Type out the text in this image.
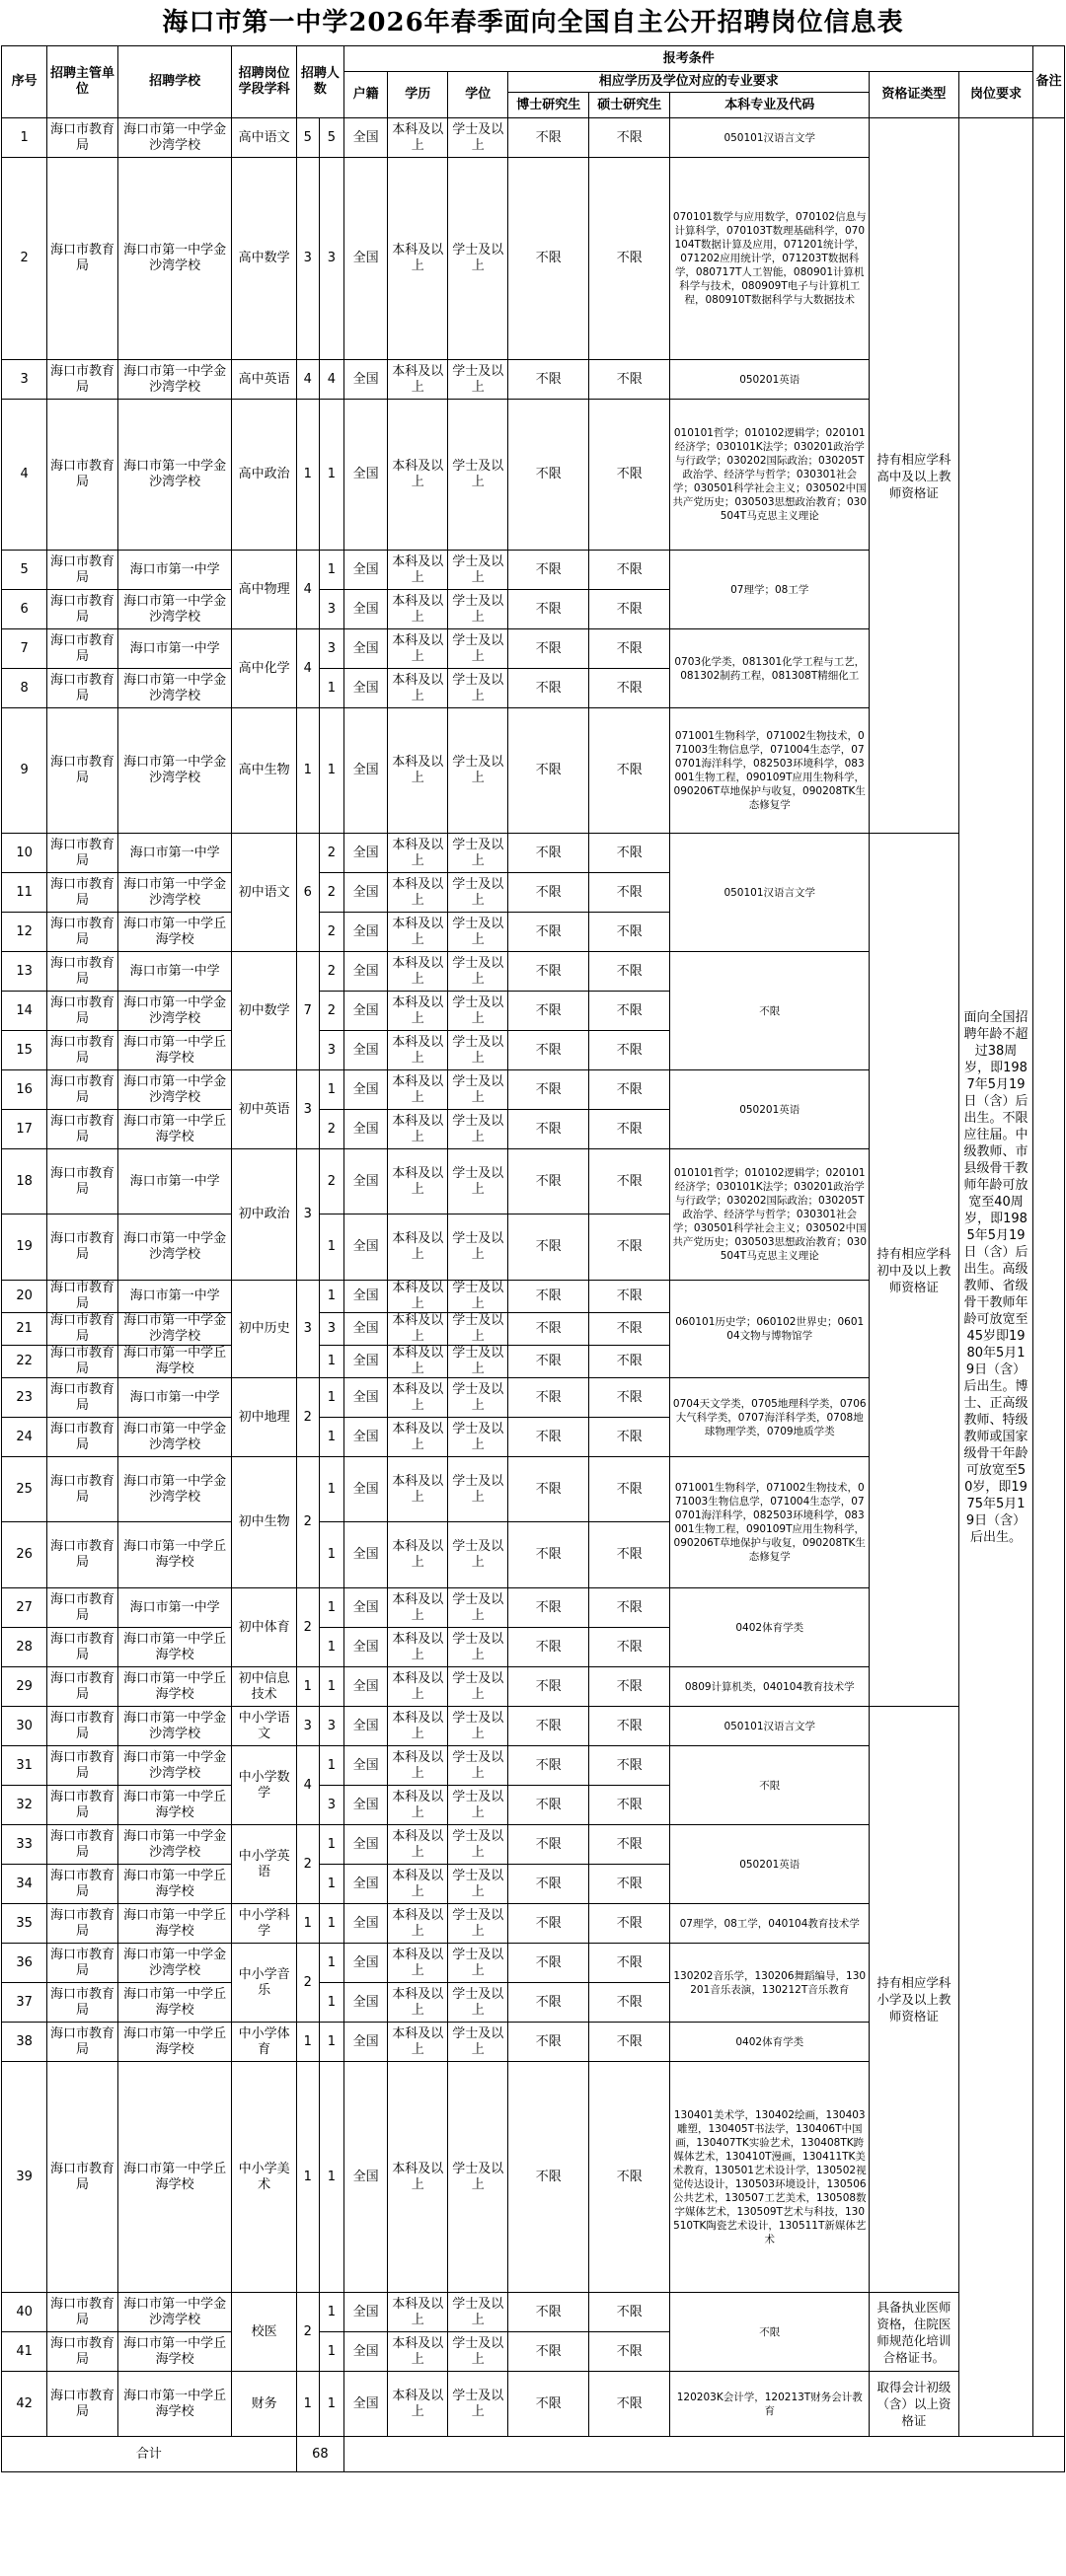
海口市第一中学2026年春季面向全国自主公开招聘岗位信息表
序号	招聘主管单位	招聘学校	招聘岗位学段学科	招聘人数		报考条件								备注
						户籍	学历	学位	相应学历及学位对应的专业要求			资格证类型	岗位要求	
									博士研究生	硕士研究生	本科专业及代码			
1	海口市教育局	海口市第一中学金沙湾学校	高中语文	5	5	全国	本科及以上	学士及以上	不限	不限	050101汉语言文学	持有相应学科高中及以上教师资格证	面向全国招聘年龄不超过38周岁，即1987年5月19日（含）后出生。不限应往届。中级教师、市县级骨干教师年龄可放宽至40周岁，即1985年5月19日（含）后出生。高级教师、省级骨干教师年龄可放宽至45岁即1980年5月19日（含）后出生。博士、正高级教师、特级教师或国家级骨干年龄可放宽至50岁，即1975年5月19日（含）后出生。	
2	海口市教育局	海口市第一中学金沙湾学校	高中数学	3	3	全国	本科及以上	学士及以上	不限	不限	070101数学与应用数学，070102信息与计算科学，070103T数理基础科学，070104T数据计算及应用，071201统计学，071202应用统计学，071203T数据科学，080717T人工智能，080901计算机科学与技术，080909T电子与计算机工程，080910T数据科学与大数据技术			
3	海口市教育局	海口市第一中学金沙湾学校	高中英语	4	4	全国	本科及以上	学士及以上	不限	不限	050201英语			
4	海口市教育局	海口市第一中学金沙湾学校	高中政治	1	1	全国	本科及以上	学士及以上	不限	不限	010101哲学；010102逻辑学；020101经济学；030101K法学；030201政治学与行政学；030202国际政治；030205T政治学、经济学与哲学；030301社会学；030501科学社会主义；030502中国共产党历史；030503思想政治教育；030504T马克思主义理论			
5	海口市教育局	海口市第一中学	高中物理	4	1	全国	本科及以上	学士及以上	不限	不限	07理学；08工学			
6	海口市教育局	海口市第一中学金沙湾学校			3	全国	本科及以上	学士及以上	不限	不限				
7	海口市教育局	海口市第一中学	高中化学	4	3	全国	本科及以上	学士及以上	不限	不限	0703化学类，081301化学工程与工艺，081302制药工程，081308T精细化工			
8	海口市教育局	海口市第一中学金沙湾学校			1	全国	本科及以上	学士及以上	不限	不限				
9	海口市教育局	海口市第一中学金沙湾学校	高中生物	1	1	全国	本科及以上	学士及以上	不限	不限	071001生物科学，071002生物技术，071003生物信息学，071004生态学，070701海洋科学，082503环境科学，083001生物工程，090109T应用生物科学，090206T草地保护与收复，090208TK生态修复学			
10	海口市教育局	海口市第一中学	初中语文	6	2	全国	本科及以上	学士及以上	不限	不限	050101汉语言文学	持有相应学科初中及以上教师资格证		
11	海口市教育局	海口市第一中学金沙湾学校			2	全国	本科及以上	学士及以上	不限	不限				
12	海口市教育局	海口市第一中学丘海学校			2	全国	本科及以上	学士及以上	不限	不限				
13	海口市教育局	海口市第一中学	初中数学	7	2	全国	本科及以上	学士及以上	不限	不限	不限			
14	海口市教育局	海口市第一中学金沙湾学校			2	全国	本科及以上	学士及以上	不限	不限				
15	海口市教育局	海口市第一中学丘海学校			3	全国	本科及以上	学士及以上	不限	不限				
16	海口市教育局	海口市第一中学金沙湾学校	初中英语	3	1	全国	本科及以上	学士及以上	不限	不限	050201英语			
17	海口市教育局	海口市第一中学丘海学校			2	全国	本科及以上	学士及以上	不限	不限				
18	海口市教育局	海口市第一中学	初中政治	3	2	全国	本科及以上	学士及以上	不限	不限	010101哲学；010102逻辑学；020101经济学；030101K法学；030201政治学与行政学；030202国际政治；030205T政治学、经济学与哲学；030301社会学；030501科学社会主义；030502中国共产党历史；030503思想政治教育；030504T马克思主义理论			
19	海口市教育局	海口市第一中学金沙湾学校			1	全国	本科及以上	学士及以上	不限	不限				
20	海口市教育局	海口市第一中学	初中历史	3	1	全国	本科及以上	学士及以上	不限	不限	060101历史学；060102世界史；060104文物与博物馆学			
21	海口市教育局	海口市第一中学金沙湾学校			3	全国	本科及以上	学士及以上	不限	不限				
22	海口市教育局	海口市第一中学丘海学校			1	全国	本科及以上	学士及以上	不限	不限				
23	海口市教育局	海口市第一中学	初中地理	2	1	全国	本科及以上	学士及以上	不限	不限	0704天文学类，0705地理科学类，0706大气科学类，0707海洋科学类，0708地球物理学类，0709地质学类			
24	海口市教育局	海口市第一中学金沙湾学校			1	全国	本科及以上	学士及以上	不限	不限				
25	海口市教育局	海口市第一中学金沙湾学校	初中生物	2	1	全国	本科及以上	学士及以上	不限	不限	071001生物科学，071002生物技术，071003生物信息学，071004生态学，070701海洋科学，082503环境科学，083001生物工程，090109T应用生物科学，090206T草地保护与收复，090208TK生态修复学			
26	海口市教育局	海口市第一中学丘海学校			1	全国	本科及以上	学士及以上	不限	不限				
27	海口市教育局	海口市第一中学	初中体育	2	1	全国	本科及以上	学士及以上	不限	不限	0402体育学类			
28	海口市教育局	海口市第一中学丘海学校			1	全国	本科及以上	学士及以上	不限	不限				
29	海口市教育局	海口市第一中学丘海学校	初中信息技术	1	1	全国	本科及以上	学士及以上	不限	不限	0809计算机类，040104教育技术学			
30	海口市教育局	海口市第一中学金沙湾学校	中小学语文	3	3	全国	本科及以上	学士及以上	不限	不限	050101汉语言文学	持有相应学科小学及以上教师资格证		
31	海口市教育局	海口市第一中学金沙湾学校	中小学数学	4	1	全国	本科及以上	学士及以上	不限	不限	不限			
32	海口市教育局	海口市第一中学丘海学校			3	全国	本科及以上	学士及以上	不限	不限				
33	海口市教育局	海口市第一中学金沙湾学校	中小学英语	2	1	全国	本科及以上	学士及以上	不限	不限	050201英语			
34	海口市教育局	海口市第一中学丘海学校			1	全国	本科及以上	学士及以上	不限	不限				
35	海口市教育局	海口市第一中学丘海学校	中小学科学	1	1	全国	本科及以上	学士及以上	不限	不限	07理学，08工学，040104教育技术学			
36	海口市教育局	海口市第一中学金沙湾学校	中小学音乐	2	1	全国	本科及以上	学士及以上	不限	不限	130202音乐学，130206舞蹈编导，130201音乐表演，130212T音乐教育			
37	海口市教育局	海口市第一中学丘海学校			1	全国	本科及以上	学士及以上	不限	不限				
38	海口市教育局	海口市第一中学丘海学校	中小学体育	1	1	全国	本科及以上	学士及以上	不限	不限	0402体育学类			
39	海口市教育局	海口市第一中学丘海学校	中小学美术	1	1	全国	本科及以上	学士及以上	不限	不限	130401美术学，130402绘画，130403雕塑，130405T书法学，130406T中国画，130407TK实验艺术，130408TK跨媒体艺术，130410T漫画，130411TK美术教育，130501艺术设计学，130502视觉传达设计，130503环境设计，130506公共艺术，130507工艺美术，130508数字媒体艺术，130509T艺术与科技，130510TK陶瓷艺术设计，130511T新媒体艺术			
40	海口市教育局	海口市第一中学金沙湾学校	校医	2	1	全国	本科及以上	学士及以上	不限	不限	不限	具备执业医师资格，住院医师规范化培训合格证书。		
41	海口市教育局	海口市第一中学丘海学校			1	全国	本科及以上	学士及以上	不限	不限				
42	海口市教育局	海口市第一中学丘海学校	财务	1	1	全国	本科及以上	学士及以上	不限	不限	120203K会计学，120213T财务会计教育	取得会计初级（含）以上资格证		
合计				68										
